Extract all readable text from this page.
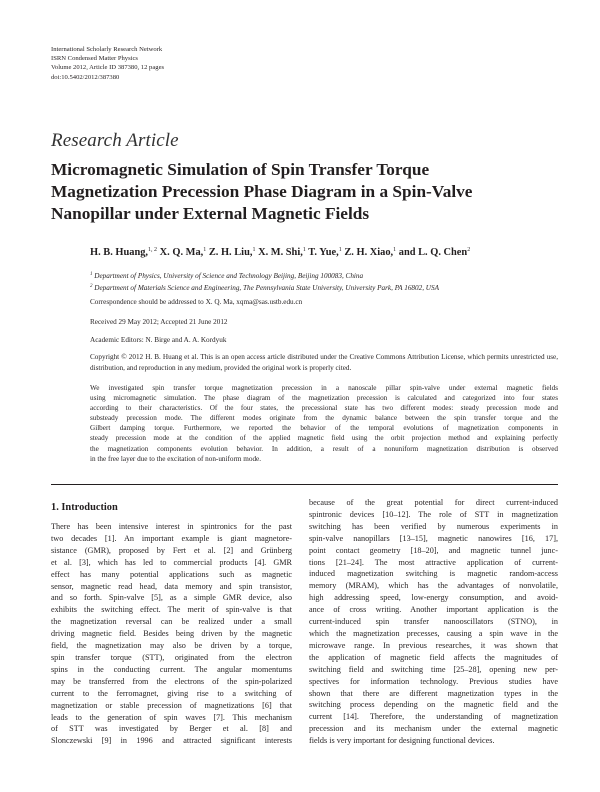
International Scholarly Research Network
ISRN Condensed Matter Physics
Volume 2012, Article ID 387380, 12 pages
doi:10.5402/2012/387380
Research Article
Micromagnetic Simulation of Spin Transfer Torque
Magnetization Precession Phase Diagram in a Spin-Valve
Nanopillar under External Magnetic Fields
H. B. Huang,$^{1, 2}$ X. Q. Ma,$^1$ Z. H. Liu,$^1$ X. M. Shi,$^1$ T. Yue,$^1$ Z. H. Xiao,$^1$ and L. Q. Chen$^2$
$^1$ Department of Physics, University of Science and Technology Beijing, Beijing 100083, China
$^2$ Department of Materials Science and Engineering, The Pennsylvania State University, University Park, PA 16802, USA
Correspondence should be addressed to X. Q. Ma, xqma@sas.ustb.edu.cn
Received 29 May 2012; Accepted 21 June 2012
Academic Editors: N. Birge and A. A. Kordyuk
Copyright © 2012 H. B. Huang et al. This is an open access article distributed under the Creative Commons Attribution License, which permits unrestricted use, distribution, and reproduction in any medium, provided the original work is properly cited.
We investigated spin transfer torque magnetization precession in a nanoscale pillar spin-valve under external magnetic fields
using micromagnetic simulation. The phase diagram of the magnetization precession is calculated and categorized into four states
according to their characteristics. Of the four states, the precessional state has two different modes: steady precession mode and
substeady precession mode. The different modes originate from the dynamic balance between the spin transfer torque and the
Gilbert damping torque. Furthermore, we reported the behavior of the temporal evolutions of magnetization components in
steady precession mode at the condition of the applied magnetic field using the orbit projection method and explaining perfectly
the magnetization components evolution behavior. In addition, a result of a nonuniform magnetization distribution is observed
in the free layer due to the excitation of non-uniform mode.
1. Introduction
There has been intensive interest in spintronics for the past
two decades [1]. An important example is giant magnetore-
sistance (GMR), proposed by Fert et al. [2] and Grünberg
et al. [3], which has led to commercial products [4]. GMR
effect has many potential applications such as magnetic
sensor, magnetic read head, data memory and spin transistor,
and so forth. Spin-valve [5], as a simple GMR device, also
exhibits the switching effect. The merit of spin-valve is that
the magnetization reversal can be realized under a small
driving magnetic field. Besides being driven by the magnetic
field, the magnetization may also be driven by a torque,
spin transfer torque (STT), originated from the electron
spins in the conducting current. The angular momentums
may be transferred from the electrons of the spin-polarized
current to the ferromagnet, giving rise to a switching of
magnetization or stable precession of magnetizations [6] that
leads to the generation of spin waves [7]. This mechanism
of STT was investigated by Berger et al. [8] and
Slonczewski [9] in 1996 and attracted significant interests
because of the great potential for direct current-induced
spintronic devices [10–12]. The role of STT in magnetization
switching has been verified by numerous experiments in
spin-valve nanopillars [13–15], magnetic nanowires [16, 17],
point contact geometry [18–20], and magnetic tunnel junc-
tions [21–24]. The most attractive application of current-
induced magnetization switching is magnetic random-access
memory (MRAM), which has the advantages of nonvolatile,
high addressing speed, low-energy consumption, and avoid-
ance of cross writing. Another important application is the
current-induced spin transfer nanooscillators (STNO), in
which the magnetization precesses, causing a spin wave in the
microwave range. In previous researches, it was shown that
the application of magnetic field affects the magnitudes of
switching field and switching time [25–28], opening new per-
spectives for information technology. Previous studies have
shown that there are different magnetization types in the
switching process depending on the magnetic field and the
current [14]. Therefore, the understanding of magnetization
precession and its mechanism under the external magnetic
fields is very important for designing functional devices.
